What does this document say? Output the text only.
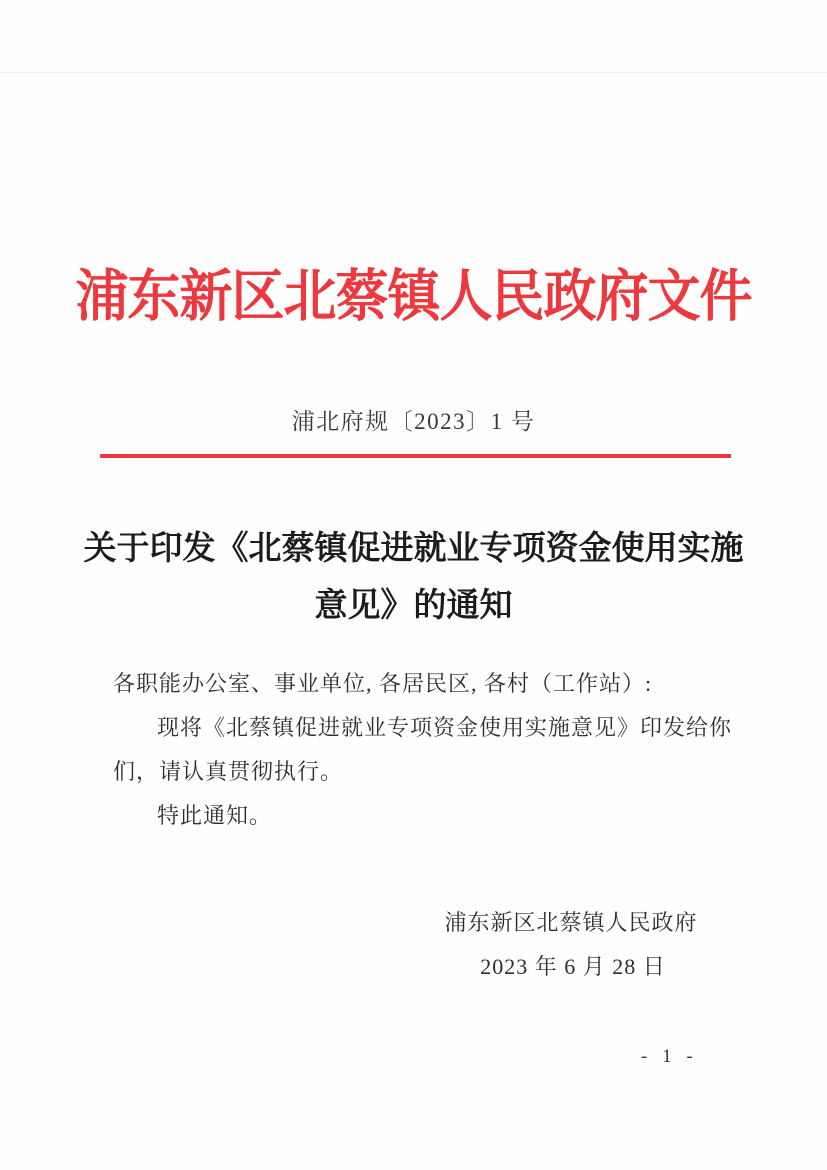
浦东新区北蔡镇人民政府文件
浦北府规〔2023〕1 号
关于印发《北蔡镇促进就业专项资金使用实施
意见》的通知
各职能办公室、事业单位, 各居民区, 各村（工作站）:
现将《北蔡镇促进就业专项资金使用实施意见》印发给你
们，请认真贯彻执行。
特此通知。
浦东新区北蔡镇人民政府
2023 年 6 月 28 日
- 1 -
